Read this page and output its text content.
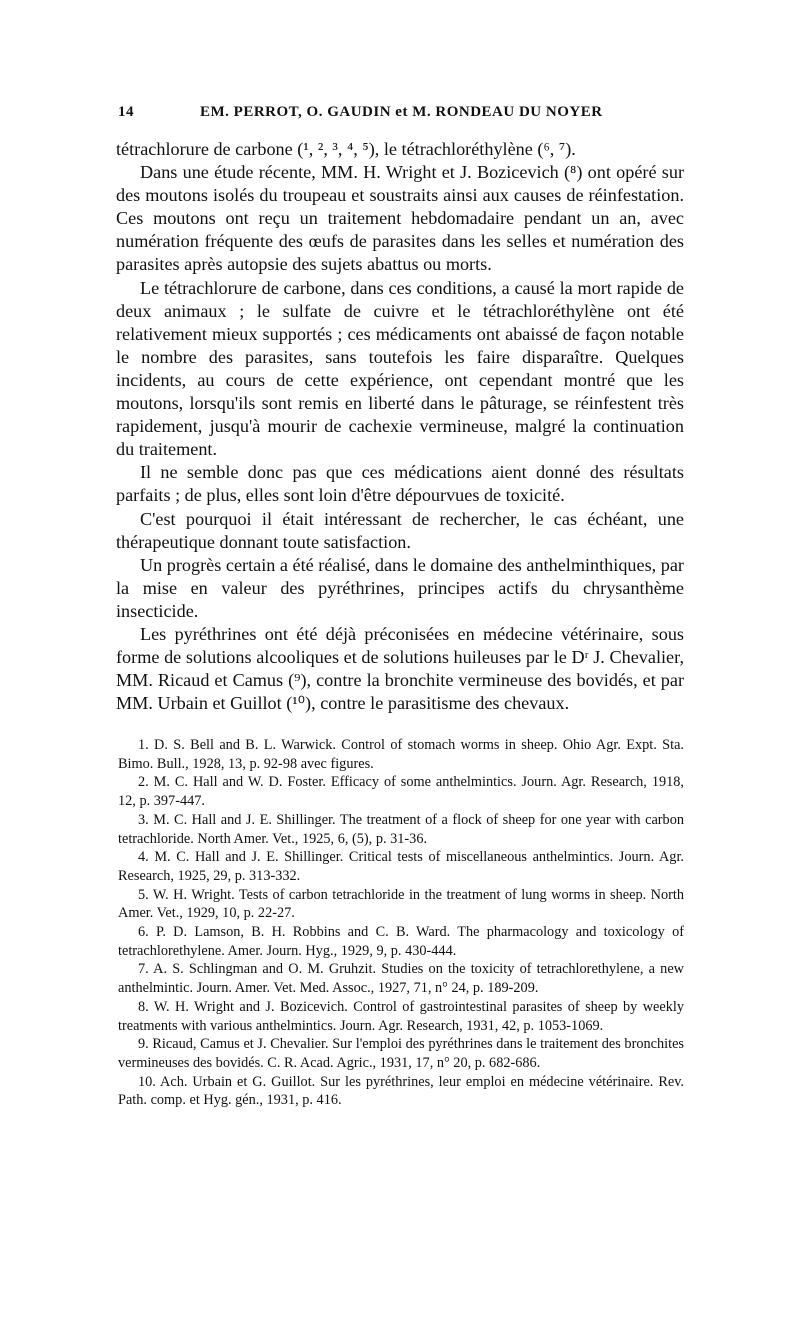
14	EM. PERROT, O. GAUDIN et M. RONDEAU DU NOYER

tétrachlorure de carbone (¹, ², ³, ⁴, ⁵), le tétrachloréthylène (⁶, ⁷).

Dans une étude récente, MM. H. Wright et J. Bozicevich (⁸) ont opéré sur des moutons isolés du troupeau et soustraits ainsi aux causes de réinfestation. Ces moutons ont reçu un traitement hebdomadaire pendant un an, avec numération fréquente des œufs de parasites dans les selles et numération des parasites après autopsie des sujets abattus ou morts.

Le tétrachlorure de carbone, dans ces conditions, a causé la mort rapide de deux animaux ; le sulfate de cuivre et le tétrachloréthylène ont été relativement mieux supportés ; ces médicaments ont abaissé de façon notable le nombre des parasites, sans toutefois les faire disparaître. Quelques incidents, au cours de cette expérience, ont cependant montré que les moutons, lorsqu'ils sont remis en liberté dans le pâturage, se réinfestent très rapidement, jusqu'à mourir de cachexie vermineuse, malgré la continuation du traitement.

Il ne semble donc pas que ces médications aient donné des résultats parfaits ; de plus, elles sont loin d'être dépourvues de toxicité.

C'est pourquoi il était intéressant de rechercher, le cas échéant, une thérapeutique donnant toute satisfaction.

Un progrès certain a été réalisé, dans le domaine des anthelminthiques, par la mise en valeur des pyréthrines, principes actifs du chrysanthème insecticide.

Les pyréthrines ont été déjà préconisées en médecine vétérinaire, sous forme de solutions alcooliques et de solutions huileuses par le Dʳ J. Chevalier, MM. Ricaud et Camus (⁹), contre la bronchite vermineuse des bovidés, et par MM. Urbain et Guillot (¹⁰), contre le parasitisme des chevaux.

1. D. S. Bell and B. L. Warwick. Control of stomach worms in sheep. Ohio Agr. Expt. Sta. Bimo. Bull., 1928, 13, p. 92-98 avec figures.

2. M. C. Hall and W. D. Foster. Efficacy of some anthelmintics. Journ. Agr. Research, 1918, 12, p. 397-447.

3. M. C. Hall and J. E. Shillinger. The treatment of a flock of sheep for one year with carbon tetrachloride. North Amer. Vet., 1925, 6, (5), p. 31-36.

4. M. C. Hall and J. E. Shillinger. Critical tests of miscellaneous anthelmintics. Journ. Agr. Research, 1925, 29, p. 313-332.

5. W. H. Wright. Tests of carbon tetrachloride in the treatment of lung worms in sheep. North Amer. Vet., 1929, 10, p. 22-27.

6. P. D. Lamson, B. H. Robbins and C. B. Ward. The pharmacology and toxicology of tetrachlorethylene. Amer. Journ. Hyg., 1929, 9, p. 430-444.

7. A. S. Schlingman and O. M. Gruhzit. Studies on the toxicity of tetrachlorethylene, a new anthelmintic. Journ. Amer. Vet. Med. Assoc., 1927, 71, n° 24, p. 189-209.

8. W. H. Wright and J. Bozicevich. Control of gastrointestinal parasites of sheep by weekly treatments with various anthelmintics. Journ. Agr. Research, 1931, 42, p. 1053-1069.

9. Ricaud, Camus et J. Chevalier. Sur l'emploi des pyréthrines dans le traitement des bronchites vermineuses des bovidés. C. R. Acad. Agric., 1931, 17, n° 20, p. 682-686.

10. Ach. Urbain et G. Guillot. Sur les pyréthrines, leur emploi en médecine vétérinaire. Rev. Path. comp. et Hyg. gén., 1931, p. 416.
